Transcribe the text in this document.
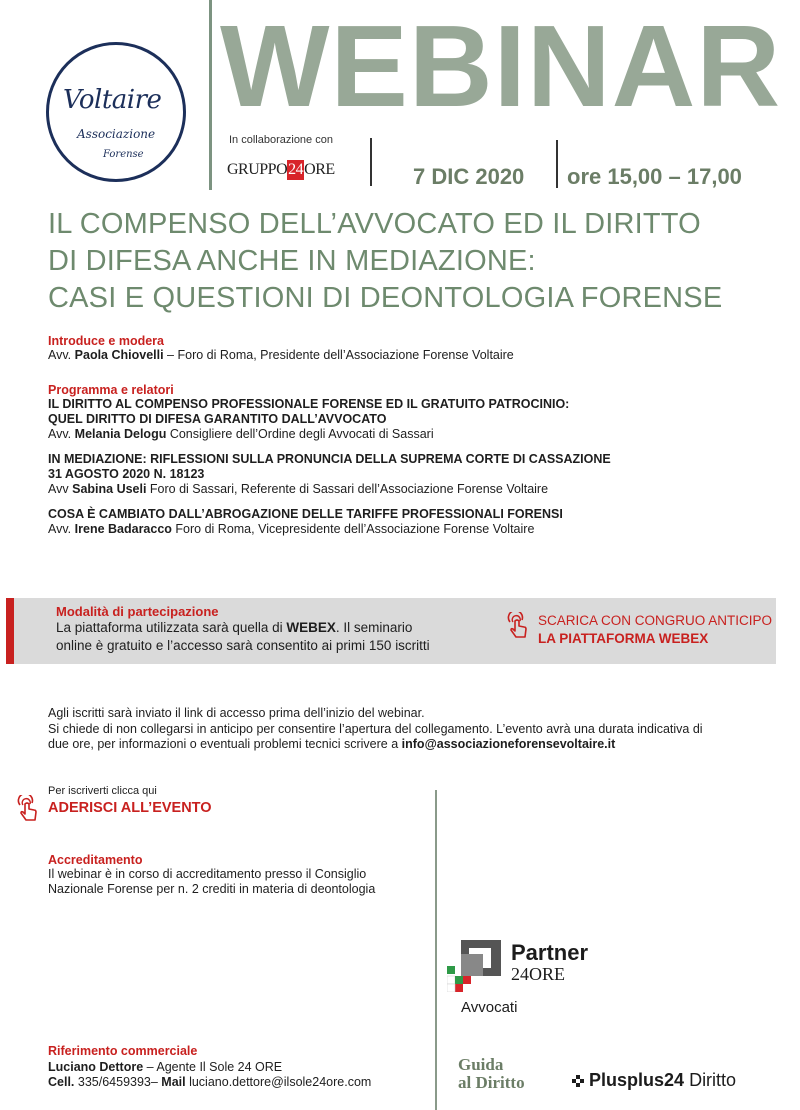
Voltaire
Associazione
Forense
WEBINAR
In collaborazione con
GRUPPO24ORE	7 DIC 2020 ore 15,00 – 17,00
IL COMPENSO DELL’AVVOCATO ED IL DIRITTO
DI DIFESA ANCHE IN MEDIAZIONE:
CASI E QUESTIONI DI DEONTOLOGIA FORENSE
Introduce e modera
Avv. Paola Chiovelli – Foro di Roma, Presidente dell’Associazione Forense Voltaire
Programma e relatori
IL DIRITTO AL COMPENSO PROFESSIONALE FORENSE ED IL GRATUITO PATROCINIO:
QUEL DIRITTO DI DIFESA GARANTITO DALL’AVVOCATO
Avv. Melania Delogu Consigliere dell’Ordine degli Avvocati di Sassari
IN MEDIAZIONE: RIFLESSIONI SULLA PRONUNCIA DELLA SUPREMA CORTE DI CASSAZIONE
31 AGOSTO 2020 N. 18123
Avv Sabina Useli Foro di Sassari, Referente di Sassari dell’Associazione Forense Voltaire
COSA È CAMBIATO DALL’ABROGAZIONE DELLE TARIFFE PROFESSIONALI FORENSI
Avv. Irene Badaracco Foro di Roma, Vicepresidente dell’Associazione Forense Voltaire
Modalità di partecipazione
La piattaforma utilizzata sarà quella di WEBEX. Il seminario
online è gratuito e l’accesso sarà consentito ai primi 150 iscritti
SCARICA CON CONGRUO ANTICIPO
LA PIATTAFORMA WEBEX
Agli iscritti sarà inviato il link di accesso prima dell’inizio del webinar.
Si chiede di non collegarsi in anticipo per consentire l’apertura del collegamento. L’evento avrà una durata indicativa di
due ore, per informazioni o eventuali problemi tecnici scrivere a info@associazioneforensevoltaire.it
Per iscriverti clicca qui
ADERISCI ALL’EVENTO
Accreditamento
Il webinar è in corso di accreditamento presso il Consiglio
Nazionale Forense per n. 2 crediti in materia di deontologia
Partner
24ORE
Avvocati
Riferimento commerciale
Luciano Dettore – Agente Il Sole 24 ORE
Cell. 335/6459393– Mail luciano.dettore@ilsole24ore.com
Guida
al Diritto	Plusplus24 Diritto
